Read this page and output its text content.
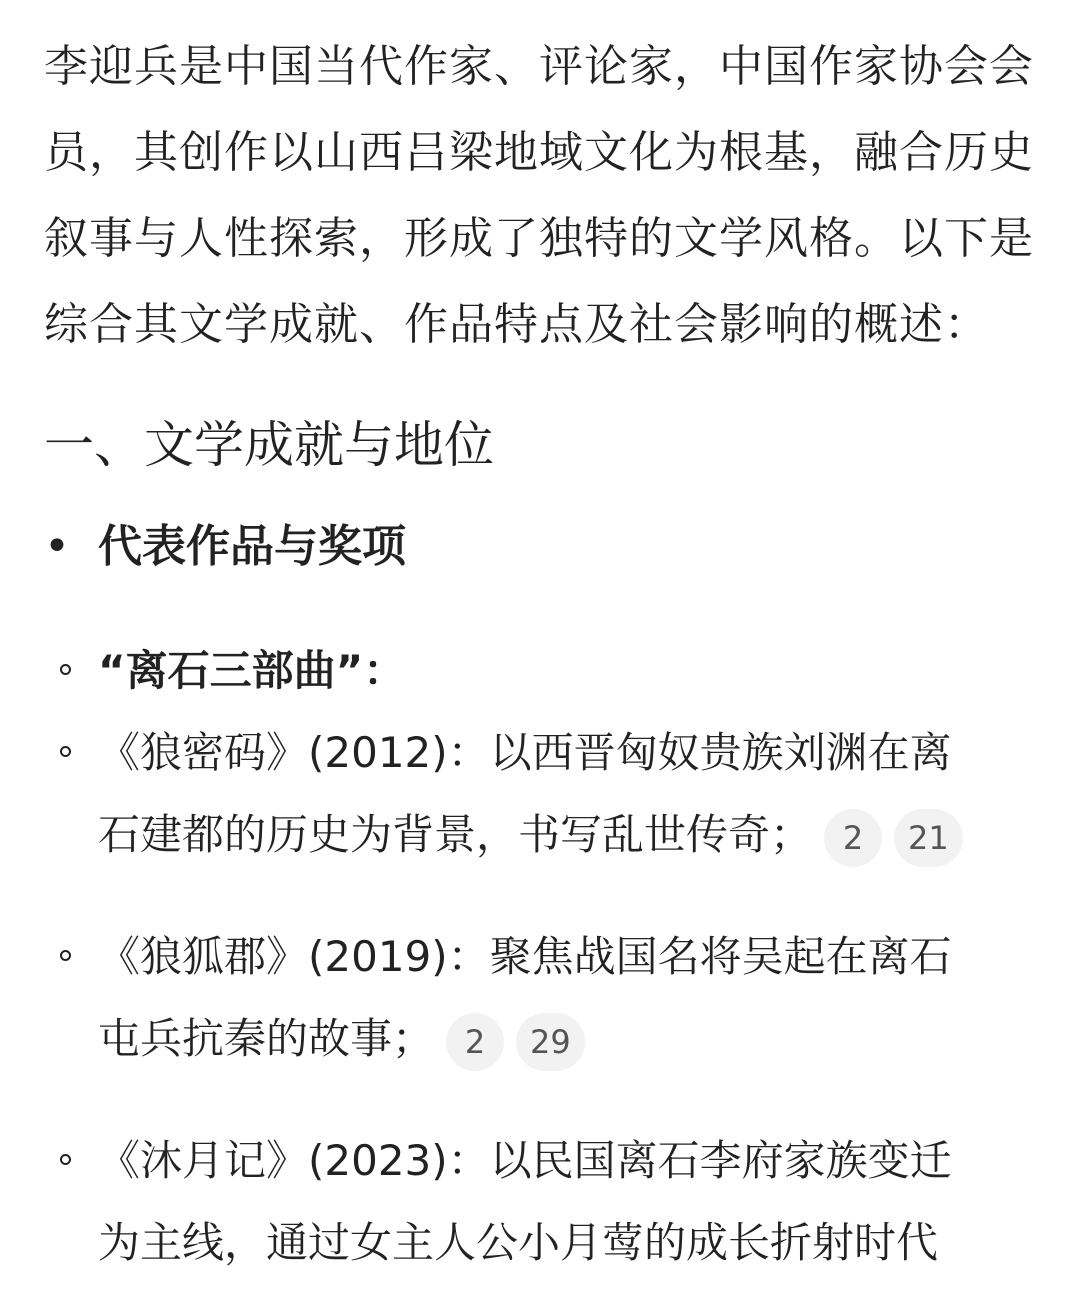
李迎兵是中国当代作家、评论家，中国作家协会会
员，其创作以山西吕梁地域文化为根基，融合历史
叙事与人性探索，形成了独特的文学风格。以下是
综合其文学成就、作品特点及社会影响的概述：

一、文学成就与地位
• 代表作品与奖项
“离石三部曲”：
《狼密码》(2012)：以西晋匈奴贵族刘渊在离
石建都的历史为背景，书写乱世传奇； 2 21
《狼狐郡》(2019)：聚焦战国名将吴起在离石
屯兵抗秦的故事； 2 29
《沐月记》(2023)：以民国离石李府家族变迁
为主线，通过女主人公小月莺的成长折射时代
